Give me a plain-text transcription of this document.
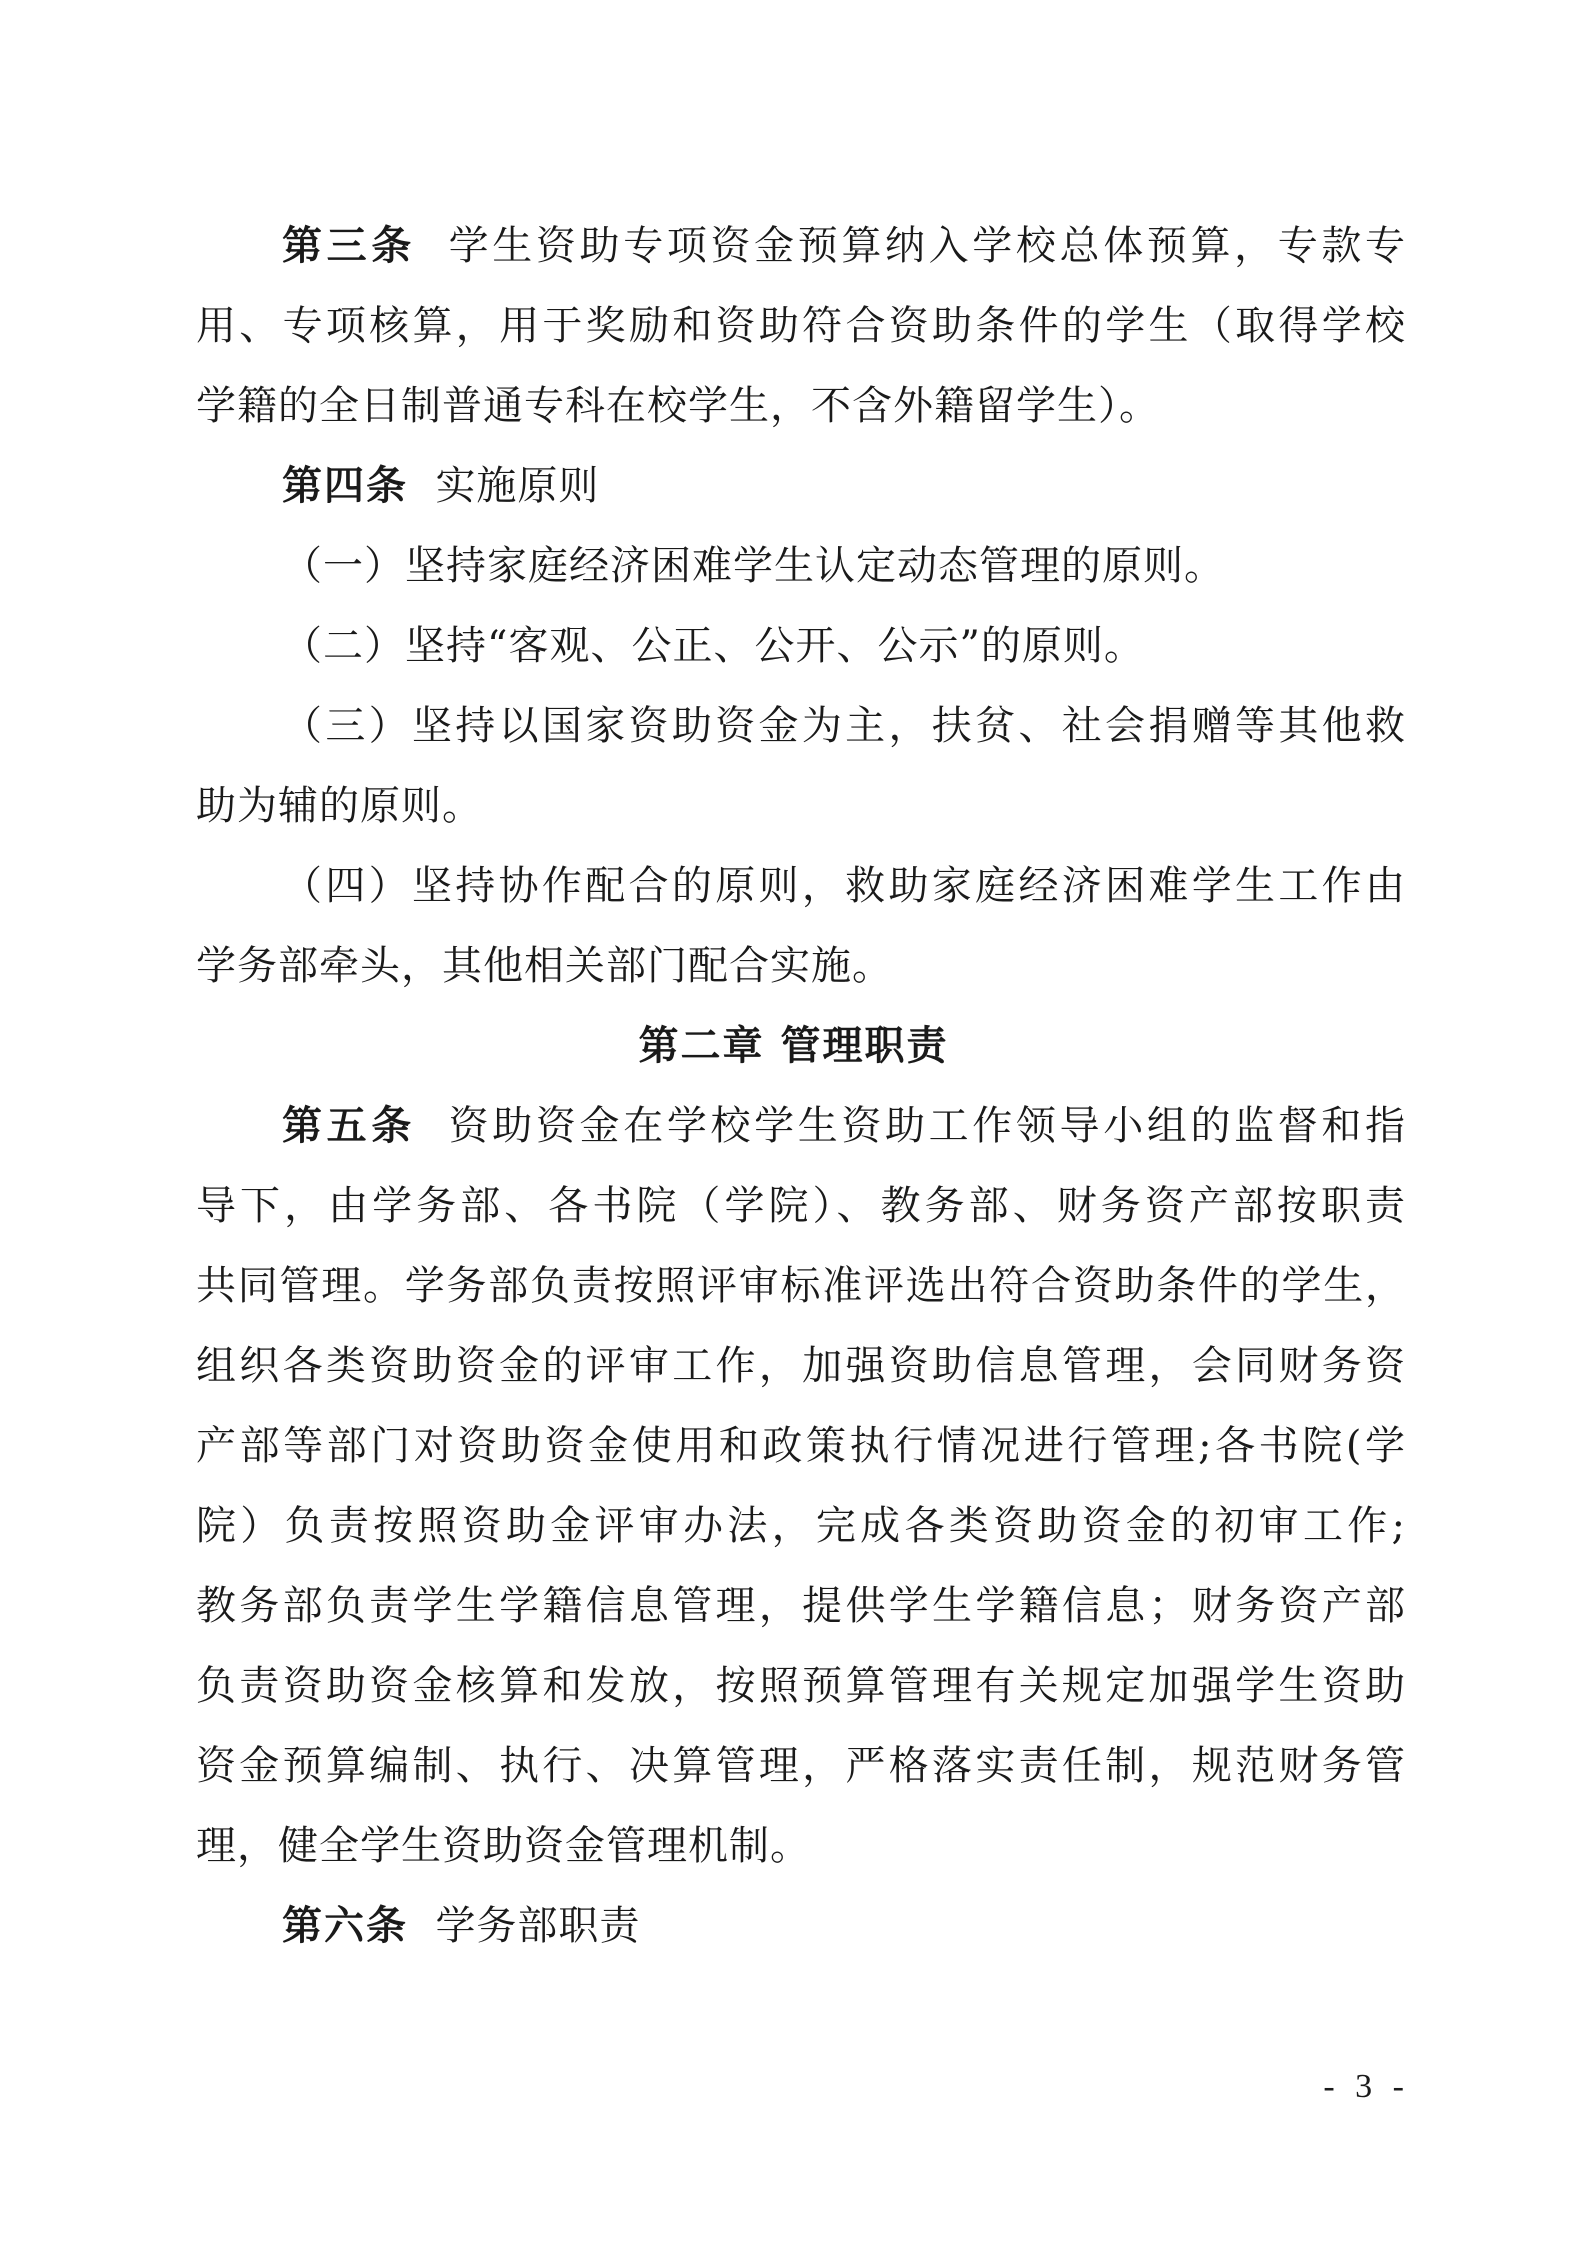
第三条 学生资助专项资金预算纳入学校总体预算，专款专
用、专项核算，用于奖励和资助符合资助条件的学生（取得学校
学籍的全日制普通专科在校学生，不含外籍留学生）。
第四条 实施原则
（一）坚持家庭经济困难学生认定动态管理的原则。
（二）坚持“客观、公正、公开、公示”的原则。
（三）坚持以国家资助资金为主，扶贫、社会捐赠等其他救
助为辅的原则。
（四）坚持协作配合的原则，救助家庭经济困难学生工作由
学务部牵头，其他相关部门配合实施。
第二章 管理职责
第五条 资助资金在学校学生资助工作领导小组的监督和指
导下，由学务部、各书院（学院）、教务部、财务资产部按职责
共同管理。学务部负责按照评审标准评选出符合资助条件的学生，
组织各类资助资金的评审工作，加强资助信息管理，会同财务资
产部等部门对资助资金使用和政策执行情况进行管理;各书院(学
院）负责按照资助金评审办法，完成各类资助资金的初审工作;
教务部负责学生学籍信息管理，提供学生学籍信息；财务资产部
负责资助资金核算和发放，按照预算管理有关规定加强学生资助
资金预算编制、执行、决算管理，严格落实责任制，规范财务管
理，健全学生资助资金管理机制。
第六条 学务部职责
- 3 -
